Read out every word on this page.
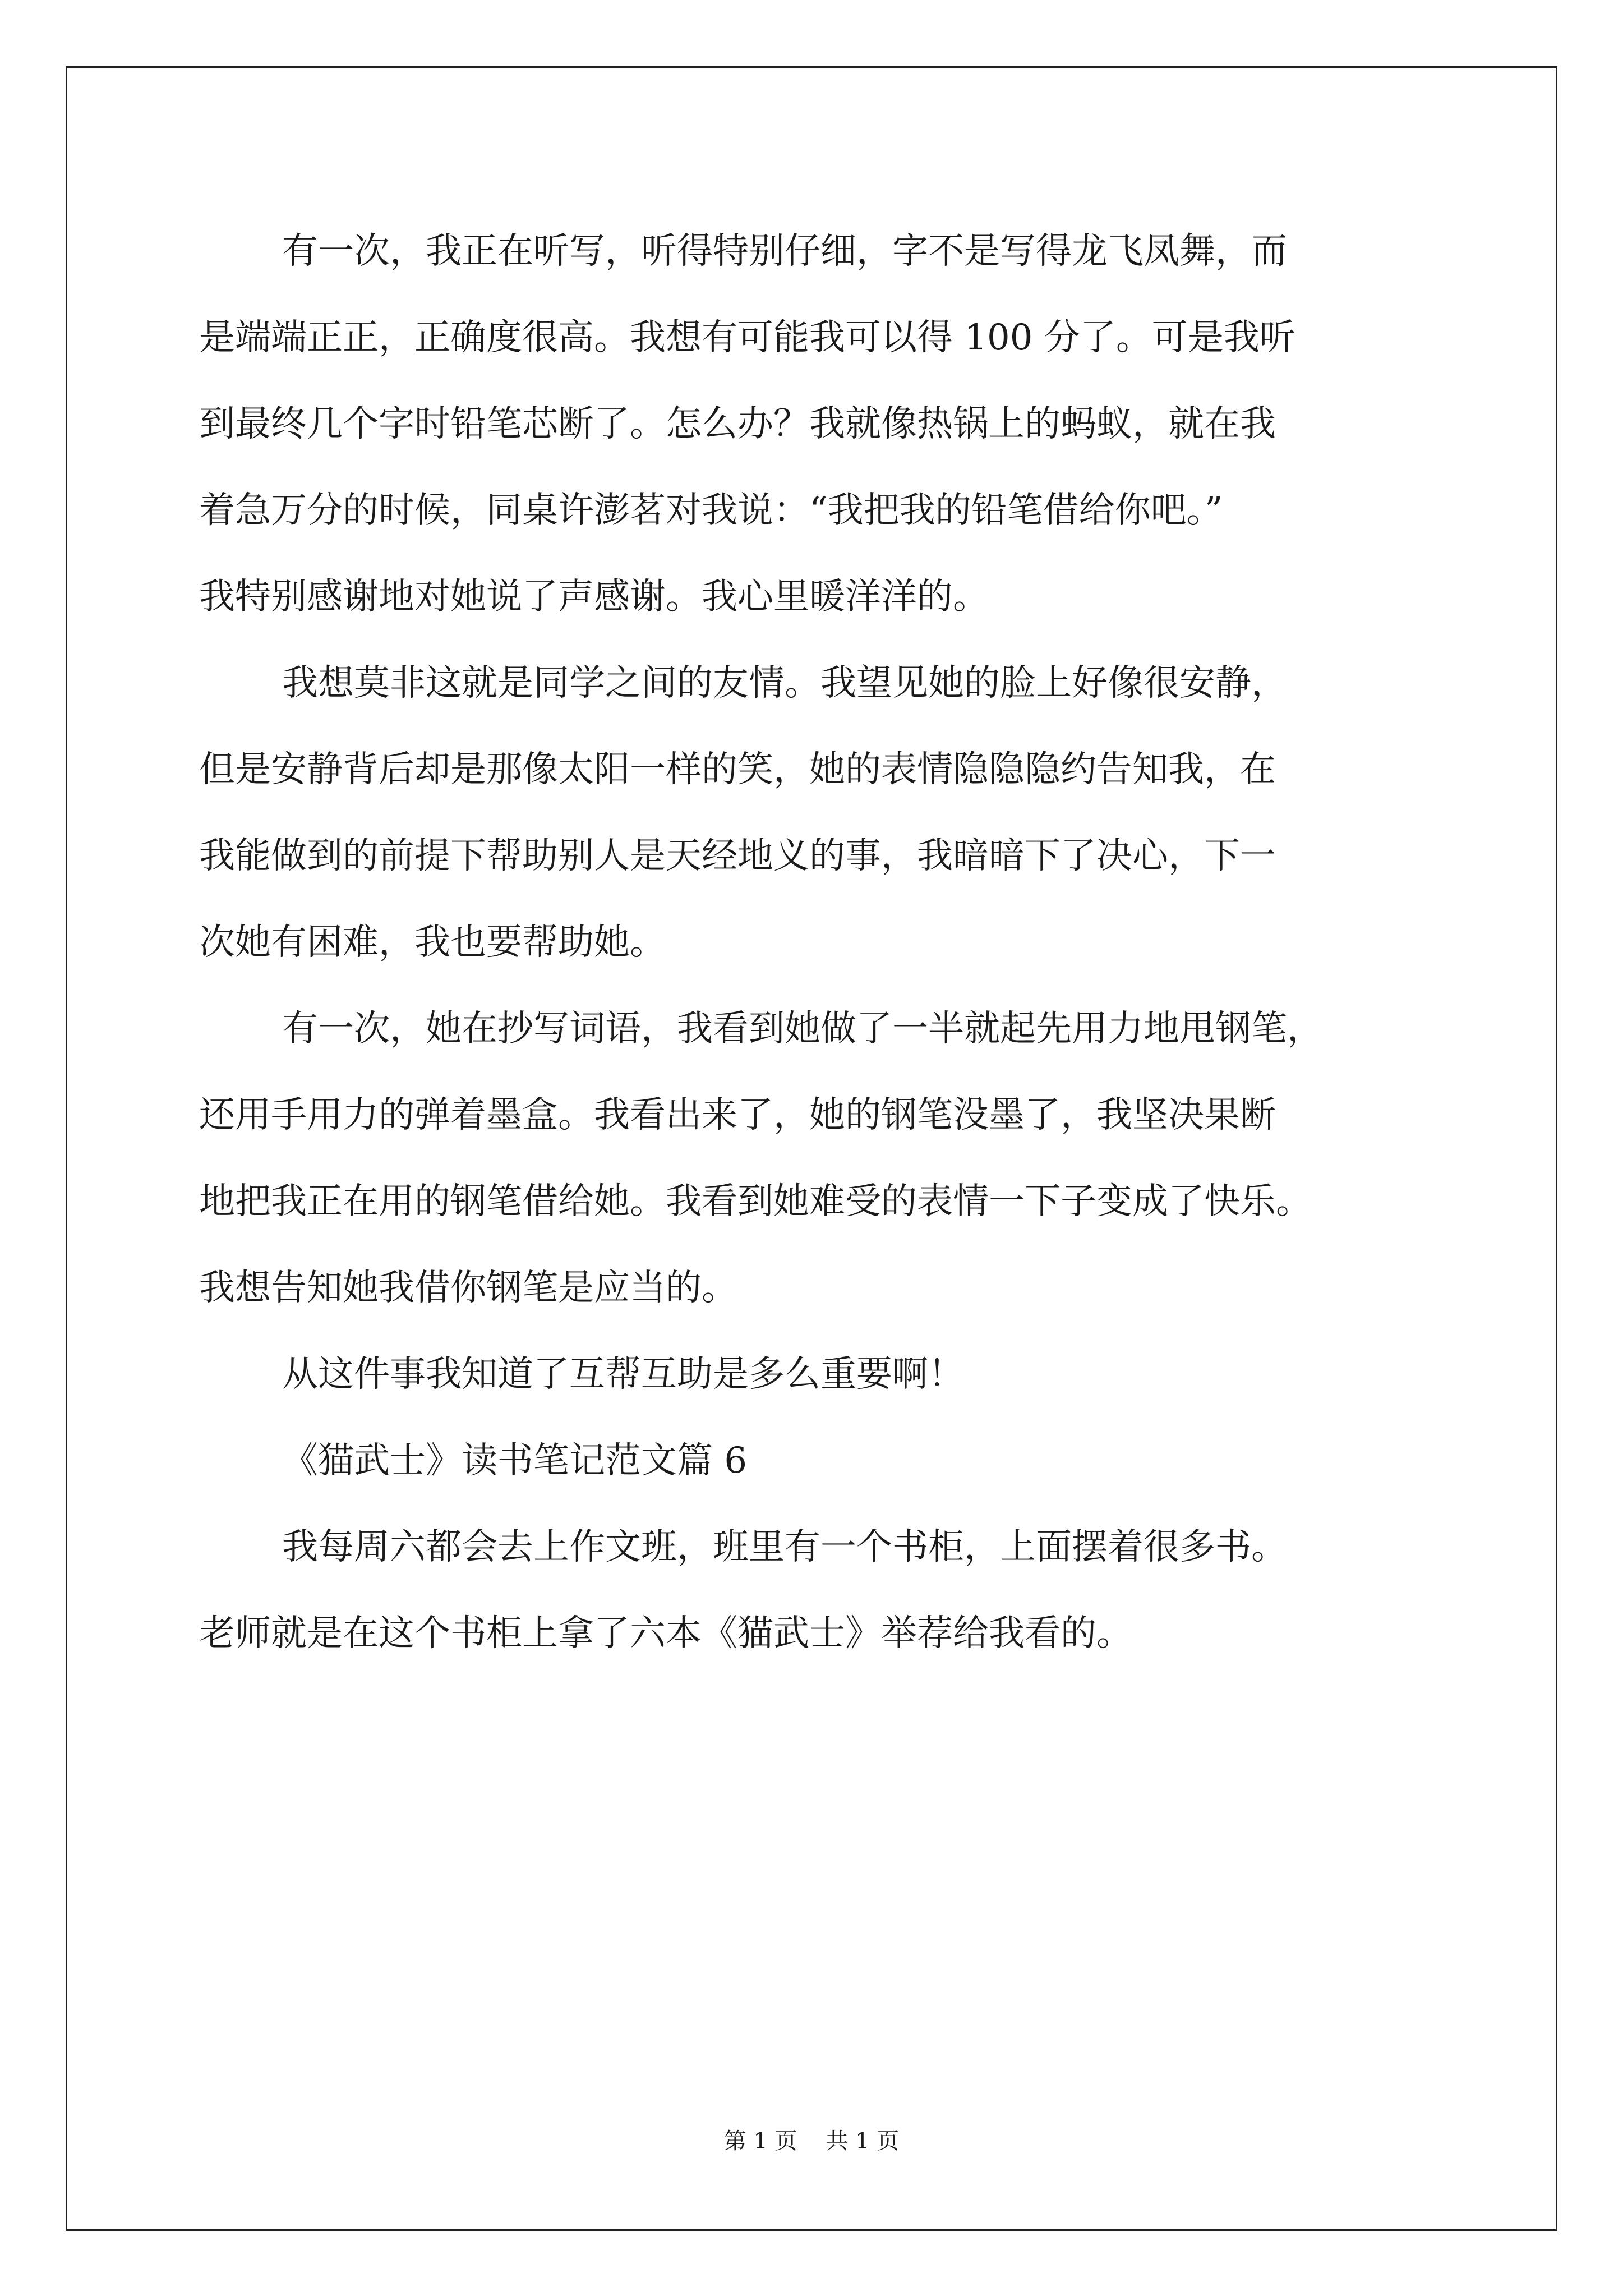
有一次，我正在听写，听得特别仔细，字不是写得龙飞凤舞，而
是端端正正，正确度很高。我想有可能我可以得 100 分了。可是我听
到最终几个字时铅笔芯断了。怎么办？我就像热锅上的蚂蚁，就在我
着急万分的时候，同桌许澎茗对我说：“我把我的铅笔借给你吧。”
我特别感谢地对她说了声感谢。我心里暖洋洋的。
我想莫非这就是同学之间的友情。我望见她的脸上好像很安静，
但是安静背后却是那像太阳一样的笑，她的表情隐隐隐约告知我，在
我能做到的前提下帮助别人是天经地义的事，我暗暗下了决心，下一
次她有困难，我也要帮助她。
有一次，她在抄写词语，我看到她做了一半就起先用力地甩钢笔，
还用手用力的弹着墨盒。我看出来了，她的钢笔没墨了，我坚决果断
地把我正在用的钢笔借给她。我看到她难受的表情一下子变成了快乐。
我想告知她我借你钢笔是应当的。
从这件事我知道了互帮互助是多么重要啊！
《猫武士》读书笔记范文篇 6
我每周六都会去上作文班，班里有一个书柜，上面摆着很多书。
老师就是在这个书柜上拿了六本《猫武士》举荐给我看的。
第 1 页    共 1 页
